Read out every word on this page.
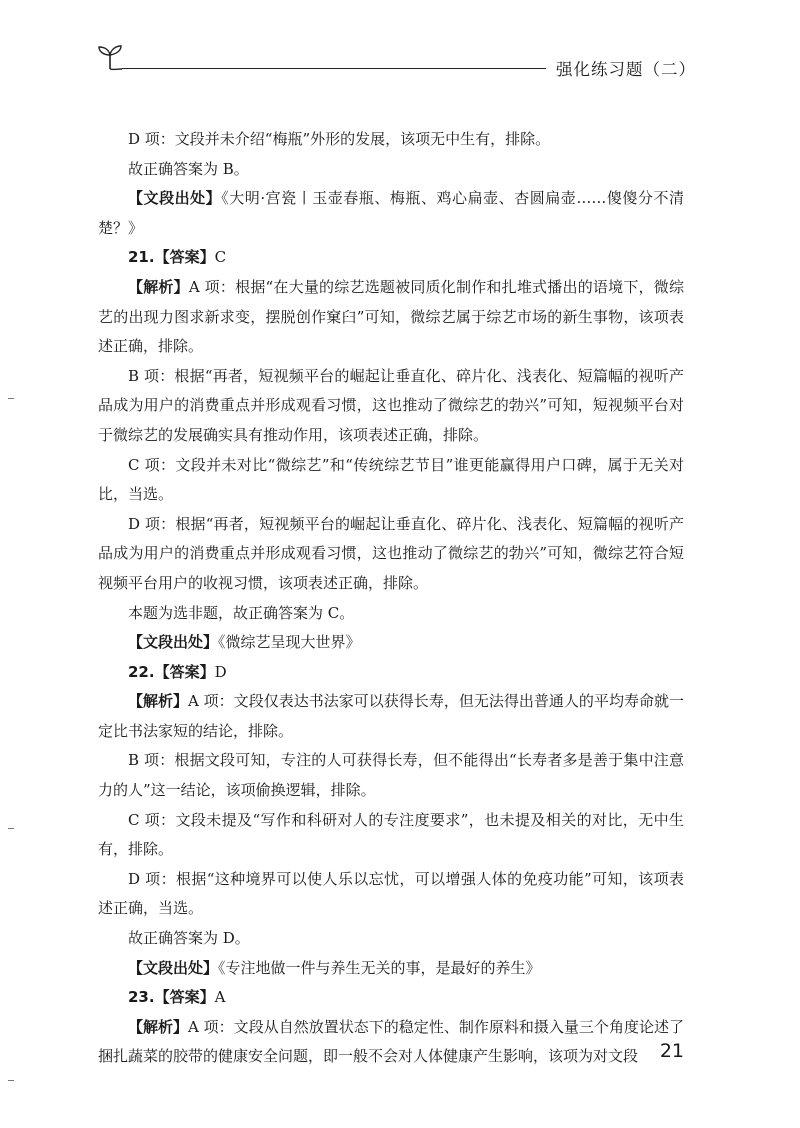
强化练习题（二）

D 项：文段并未介绍“梅瓶”外形的发展，该项无中生有，排除。

故正确答案为 B。

【文段出处】《大明·宫瓷丨玉壶春瓶、梅瓶、鸡心扁壶、杏圆扁壶……傻傻分不清楚？》

21.【答案】C

【解析】A 项：根据“在大量的综艺选题被同质化制作和扎堆式播出的语境下，微综艺的出现力图求新求变，摆脱创作窠臼”可知，微综艺属于综艺市场的新生事物，该项表述正确，排除。

B 项：根据“再者，短视频平台的崛起让垂直化、碎片化、浅表化、短篇幅的视听产品成为用户的消费重点并形成观看习惯，这也推动了微综艺的勃兴”可知，短视频平台对于微综艺的发展确实具有推动作用，该项表述正确，排除。

C 项：文段并未对比“微综艺”和“传统综艺节目”谁更能赢得用户口碑，属于无关对比，当选。

D 项：根据“再者，短视频平台的崛起让垂直化、碎片化、浅表化、短篇幅的视听产品成为用户的消费重点并形成观看习惯，这也推动了微综艺的勃兴”可知，微综艺符合短视频平台用户的收视习惯，该项表述正确，排除。

本题为选非题，故正确答案为 C。

【文段出处】《微综艺呈现大世界》

22.【答案】D

【解析】A 项：文段仅表达书法家可以获得长寿，但无法得出普通人的平均寿命就一定比书法家短的结论，排除。

B 项：根据文段可知，专注的人可获得长寿，但不能得出“长寿者多是善于集中注意力的人”这一结论，该项偷换逻辑，排除。

C 项：文段未提及“写作和科研对人的专注度要求”，也未提及相关的对比，无中生有，排除。

D 项：根据“这种境界可以使人乐以忘忧，可以增强人体的免疫功能”可知，该项表述正确，当选。

故正确答案为 D。

【文段出处】《专注地做一件与养生无关的事，是最好的养生》

23.【答案】A

【解析】A 项：文段从自然放置状态下的稳定性、制作原料和摄入量三个角度论述了捆扎蔬菜的胶带的健康安全问题，即一般不会对人体健康产生影响，该项为对文段	21
